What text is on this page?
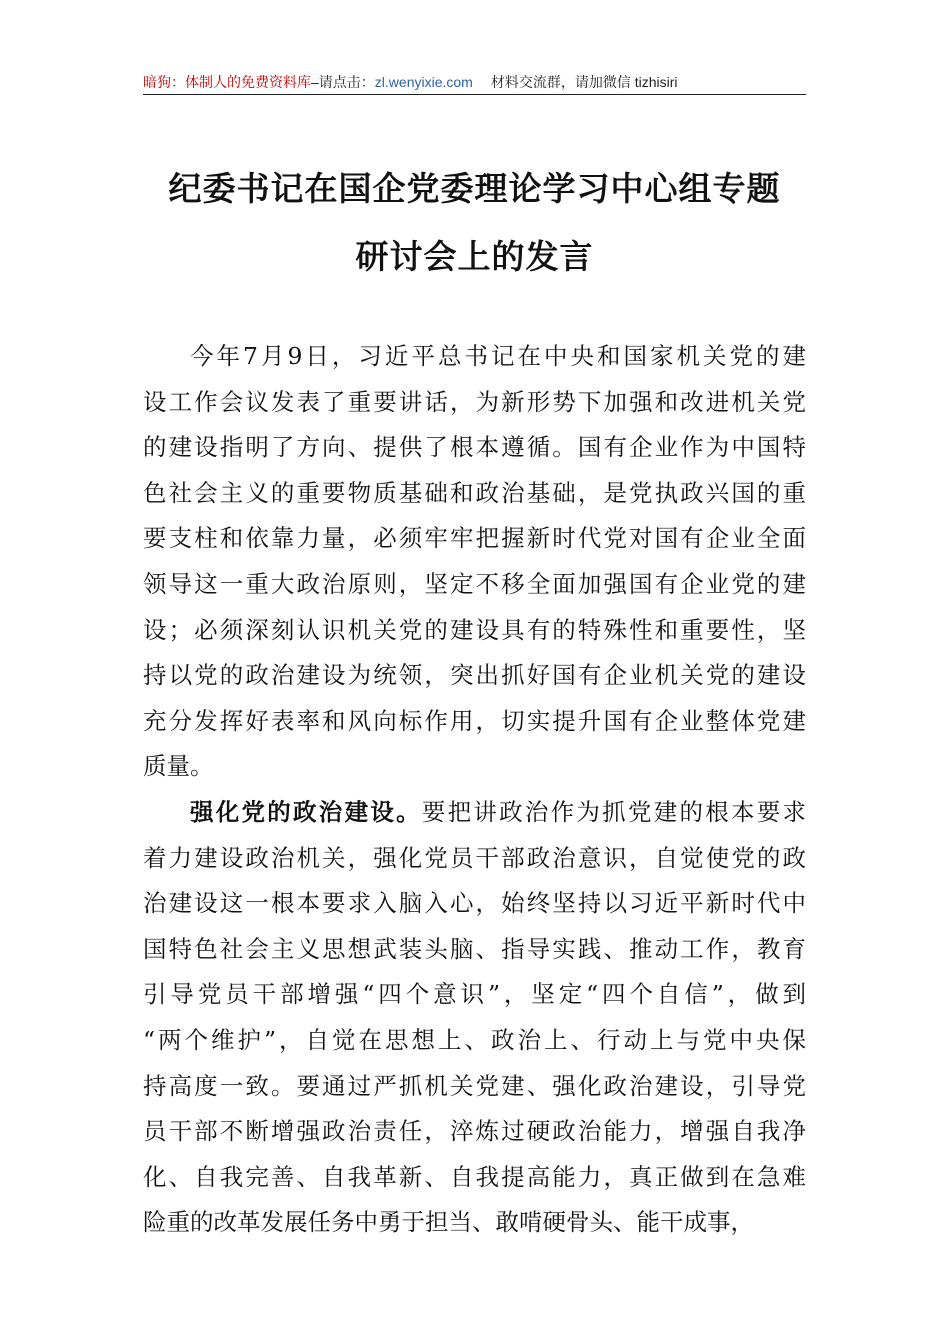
暗狗：体制人的免费资料库–请点击：zl.wenyixie.com 材料交流群，请加微信 tizhisiri
纪委书记在国企党委理论学习中心组专题
研讨会上的发言
今年7月9日，习近平总书记在中央和国家机关党的建
设工作会议发表了重要讲话，为新形势下加强和改进机关党
的建设指明了方向、提供了根本遵循。国有企业作为中国特
色社会主义的重要物质基础和政治基础，是党执政兴国的重
要支柱和依靠力量，必须牢牢把握新时代党对国有企业全面
领导这一重大政治原则，坚定不移全面加强国有企业党的建
设；必须深刻认识机关党的建设具有的特殊性和重要性，坚
持以党的政治建设为统领，突出抓好国有企业机关党的建设
充分发挥好表率和风向标作用，切实提升国有企业整体党建
质量。
强化党的政治建设。要把讲政治作为抓党建的根本要求
着力建设政治机关，强化党员干部政治意识，自觉使党的政
治建设这一根本要求入脑入心，始终坚持以习近平新时代中
国特色社会主义思想武装头脑、指导实践、推动工作，教育
引导党员干部增强“四个意识”，坚定“四个自信”，做到
“两个维护”，自觉在思想上、政治上、行动上与党中央保
持高度一致。要通过严抓机关党建、强化政治建设，引导党
员干部不断增强政治责任，淬炼过硬政治能力，增强自我净
化、自我完善、自我革新、自我提高能力，真正做到在急难
险重的改革发展任务中勇于担当、敢啃硬骨头、能干成事，
